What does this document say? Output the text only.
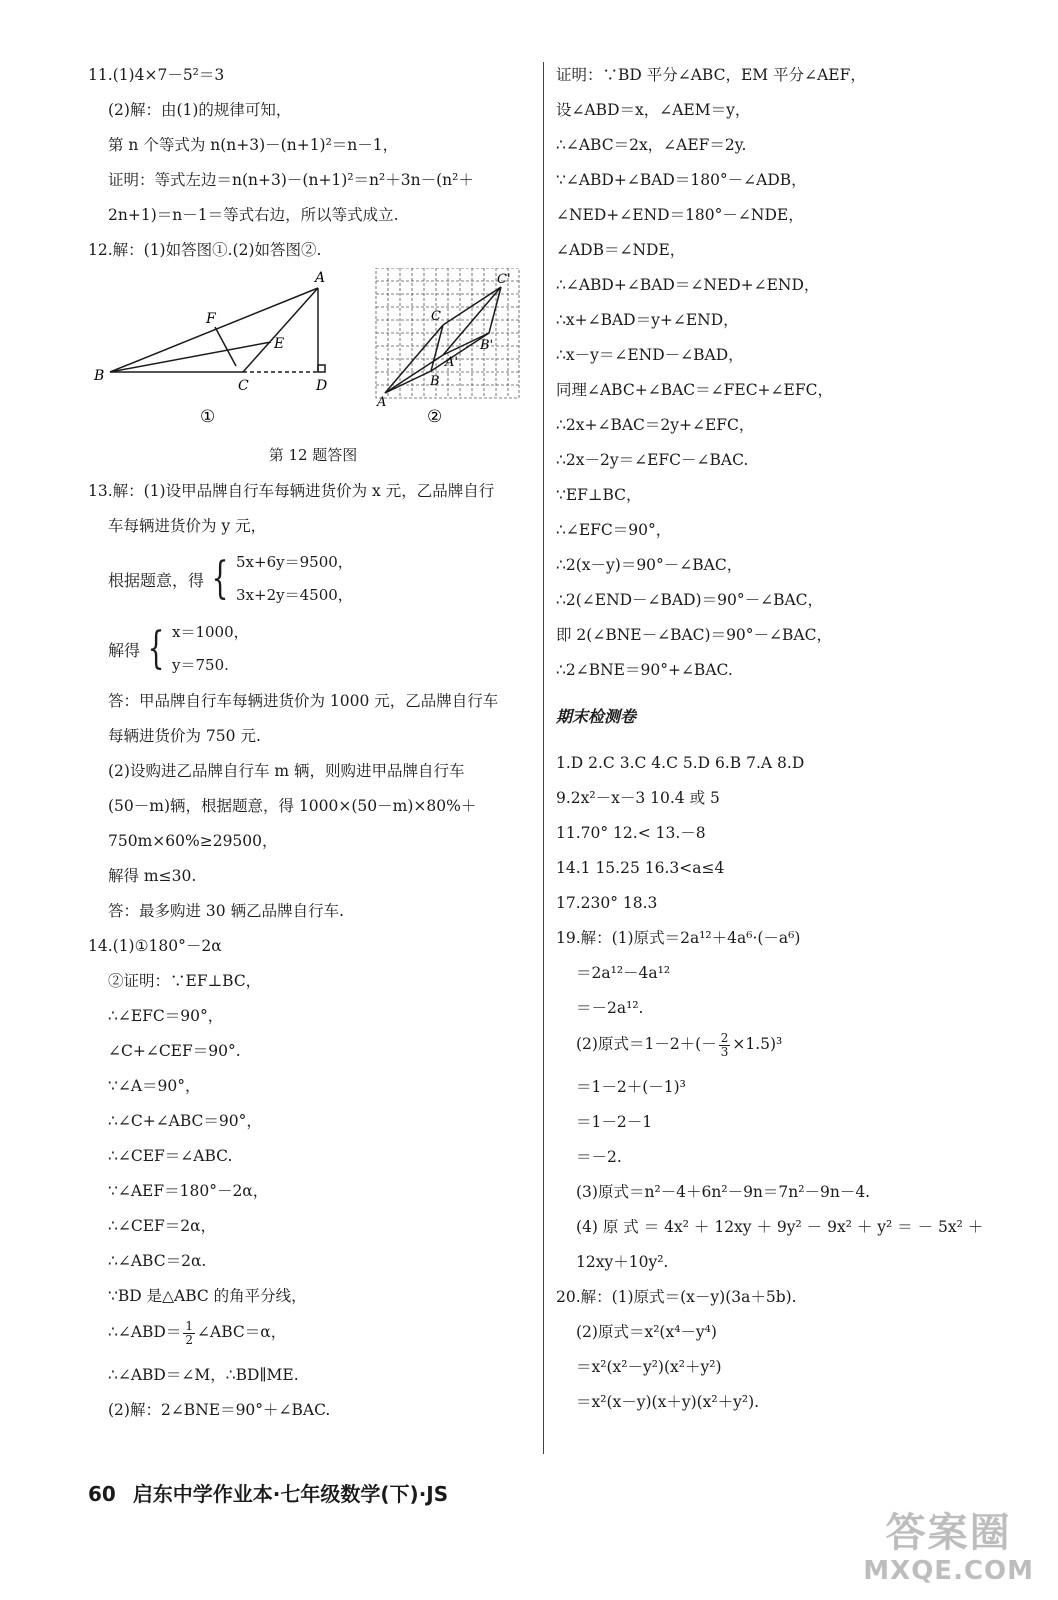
11.(1)4×7－5²＝3
(2)解：由(1)的规律可知，
第 n 个等式为 n(n+3)－(n+1)²＝n－1，
证明：等式左边＝n(n+3)－(n+1)²＝n²＋3n－(n²＋
2n+1)＝n－1＝等式右边，所以等式成立.
12.解：(1)如答图①.(2)如答图②.
A
F
E
B
C	D
①
C'
C
B'
A'
B
A
②
第 12 题答图
13.解：(1)设甲品牌自行车每辆进货价为 x 元，乙品牌自行
车每辆进货价为 y 元，
根据题意，得 { 5x+6y＝9500，
3x+2y＝4500，
解得 { x＝1000，
y＝750.
答：甲品牌自行车每辆进货价为 1000 元，乙品牌自行车
每辆进货价为 750 元.
(2)设购进乙品牌自行车 m 辆，则购进甲品牌自行车
(50－m)辆，根据题意，得 1000×(50－m)×80%＋
750m×60%≥29500，
解得 m≤30.
答：最多购进 30 辆乙品牌自行车.
14.(1)①180°－2α
②证明：∵EF⊥BC，
∴∠EFC＝90°，
∠C+∠CEF＝90°.
∵∠A＝90°，
∴∠C+∠ABC＝90°，
∴∠CEF＝∠ABC.
∵∠AEF＝180°－2α，
∴∠CEF＝2α，
∴∠ABC＝2α.
∵BD 是△ABC 的角平分线，
∴∠ABD＝ $\frac{1}{2}$ ∠ABC＝α，
∴∠ABD＝∠M，∴BD∥ME.
(2)解：2∠BNE＝90°＋∠BAC.
证明：∵BD 平分∠ABC，EM 平分∠AEF，
设∠ABD＝x，∠AEM＝y，
∴∠ABC＝2x，∠AEF＝2y.
∵∠ABD+∠BAD＝180°－∠ADB，
∠NED+∠END＝180°－∠NDE，
∠ADB＝∠NDE，
∴∠ABD+∠BAD＝∠NED+∠END，
∴x+∠BAD＝y+∠END，
∴x－y＝∠END－∠BAD，
同理∠ABC+∠BAC＝∠FEC+∠EFC，
∴2x+∠BAC＝2y+∠EFC，
∴2x－2y＝∠EFC－∠BAC.
∵EF⊥BC，
∴∠EFC＝90°，
∴2(x－y)＝90°－∠BAC，
∴2(∠END－∠BAD)＝90°－∠BAC，
即 2(∠BNE－∠BAC)＝90°－∠BAC，
∴2∠BNE＝90°+∠BAC.
期末检测卷
1.D 2.C 3.C 4.C 5.D 6.B 7.A 8.D
9.2x²－x－3 10.4 或 5
11.70° 12.< 13.－8
14.1 15.25 16.3<a≤4
17.230° 18.3
19.解：(1)原式＝2a¹²＋4a⁶·(－a⁶)
＝2a¹²－4a¹²
＝－2a¹².
(2)原式$=1-2+(- \frac{2}{3} \times 1.5)^3$
＝1－2＋(－1)³
＝1－2－1
＝－2.
(3)原式＝n²－4＋6n²－9n＝7n²－9n－4.
(4) 原 式 ＝ 4x² ＋ 12xy ＋ 9y² － 9x² ＋ y² ＝ － 5x² ＋
12xy＋10y².
20.解：(1)原式＝(x－y)(3a＋5b).
(2)原式＝x²(x⁴－y⁴)
＝x²(x²－y²)(x²＋y²)
＝x²(x－y)(x＋y)(x²＋y²).
60 启东中学作业本·七年级数学(下)·JS
答案圈
MXQE.COM
